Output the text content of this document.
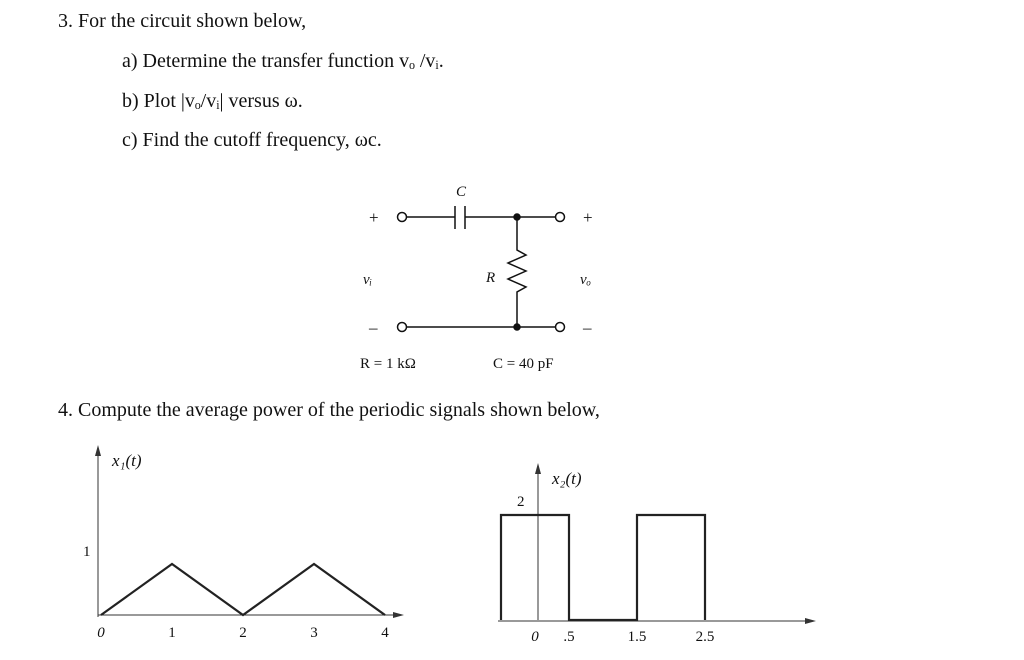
3. For the circuit shown below,
a) Determine the transfer function vₒ /vᵢ.
b) Plot |vₒ/vᵢ| versus ω.
c) Find the cutoff frequency, ωc.
4. Compute the average power of the periodic signals shown below,
C
R
vᵢ	vₒ
+	+
–	–
R = 1 kΩ	C = 40 pF
x₁(t)
1
0	1	2	3	4
x₂(t)
2
0 .5	1.5	2.5
